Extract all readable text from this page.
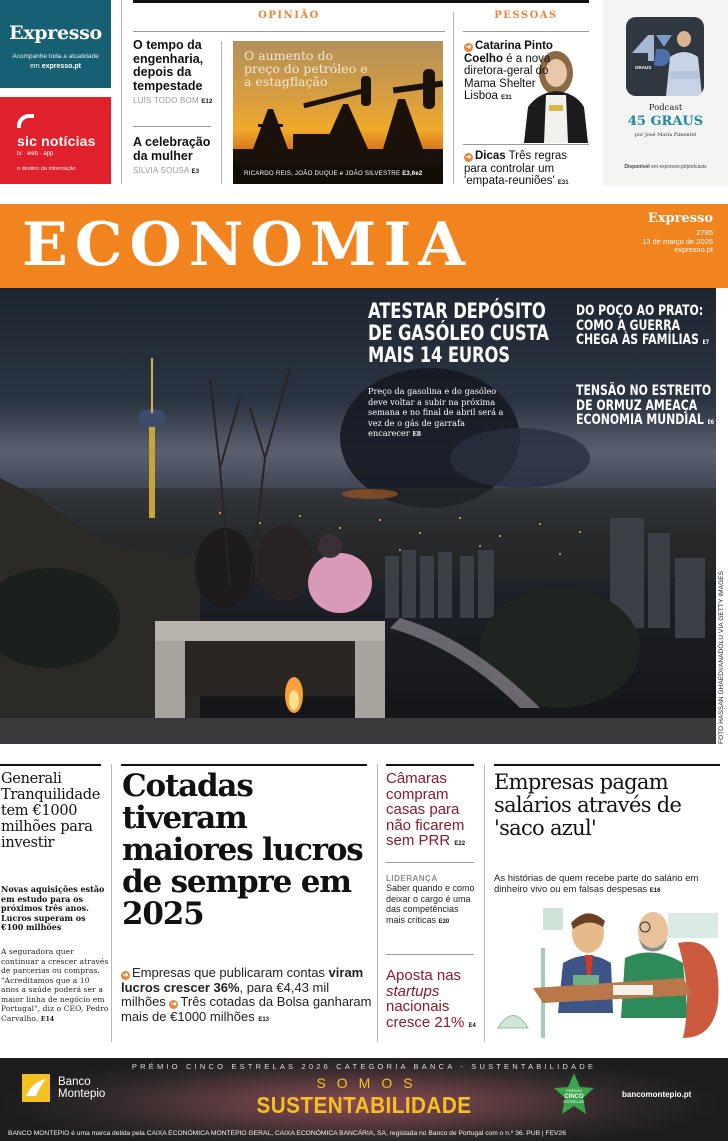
Expresso
Acompanhe toda a atualidade
em expresso.pt
sic notícias
tv · web · app
o destino da informação
OPINIÃO
O tempo da engenharia, depois da tempestade
LUÍS TODO BOM E12
A celebração da mulher
SÍLVIA SOUSA E3
O aumento do preço do petróleo e a estagflação
RICARDO REIS, JOÃO DUQUE e JOÃO SILVESTRE E3,6e2
PESSOAS
➜ Catarina Pinto Coelho é a nova diretora-geral do Mama Shelter Lisboa E31
➜ Dicas Três regras para controlar um 'empata-reuniões' E31
GRAUS
Podcast
45 GRAUS
por José Maria Pimentel
Disponível em expresso.pt/podcasts
ECONOMIA	Expresso
2785
13 de março de 2026
expresso.pt
ATESTAR DEPÓSITO DE GASÓLEO CUSTA MAIS 14 EUROS
Preço da gasolina e do gasóleo deve voltar a subir na próxima semana e no final de abril será a vez de o gás de garrafa encarecer E8
DO POÇO AO PRATO: COMO A GUERRA CHEGA ÀS FAMÍLIAS E7
TENSÃO NO ESTREITO DE ORMUZ AMEAÇA ECONOMIA MUNDIAL E6
FOTO HASSAN GHAEDI/ANADOLU VIA GETTY IMAGES
Generali Tranquilidade tem €1000 milhões para investir
Novas aquisições estão em estudo para os próximos três anos. Lucros superam os €100 milhões
A seguradora quer continuar a crescer através de parcerias ou compras. "Acreditamos que a 10 anos a saúde poderá ser a maior linha de negócio em Portugal", diz o CEO, Pedro Carvalho. E14
Cotadas tiveram maiores lucros de sempre em 2025
➜ Empresas que publicaram contas viram lucros crescer 36%, para €4,43 mil milhões ➜ Três cotadas da Bolsa ganharam mais de €1000 milhões E13
Câmaras compram casas para não ficarem sem PRR E22
LIDERANÇA
Saber quando e como deixar o cargo é uma das competências mais críticas E30
Aposta nas startups nacionais cresce 21% E4
Empresas pagam salários através de 'saco azul'
As histórias de quem recebe parte do salário em dinheiro vivo ou em falsas despesas E16
PRÉMIO CINCO ESTRELAS 2026 CATEGORIA BANCA - SUSTENTABILIDADE
SOMOS
SUSTENTABILIDADE
Banco
Montepio	PRÉMIO
CINCO
ESTRELAS
bancomontepio.pt
BANCO MONTEPIO é uma marca detida pela CAIXA ECONÓMICA MONTEPIO GERAL, CAIXA ECONÓMICA BANCÁRIA, SA, registada no Banco de Portugal com o n.º 36. PUB | FEV26
